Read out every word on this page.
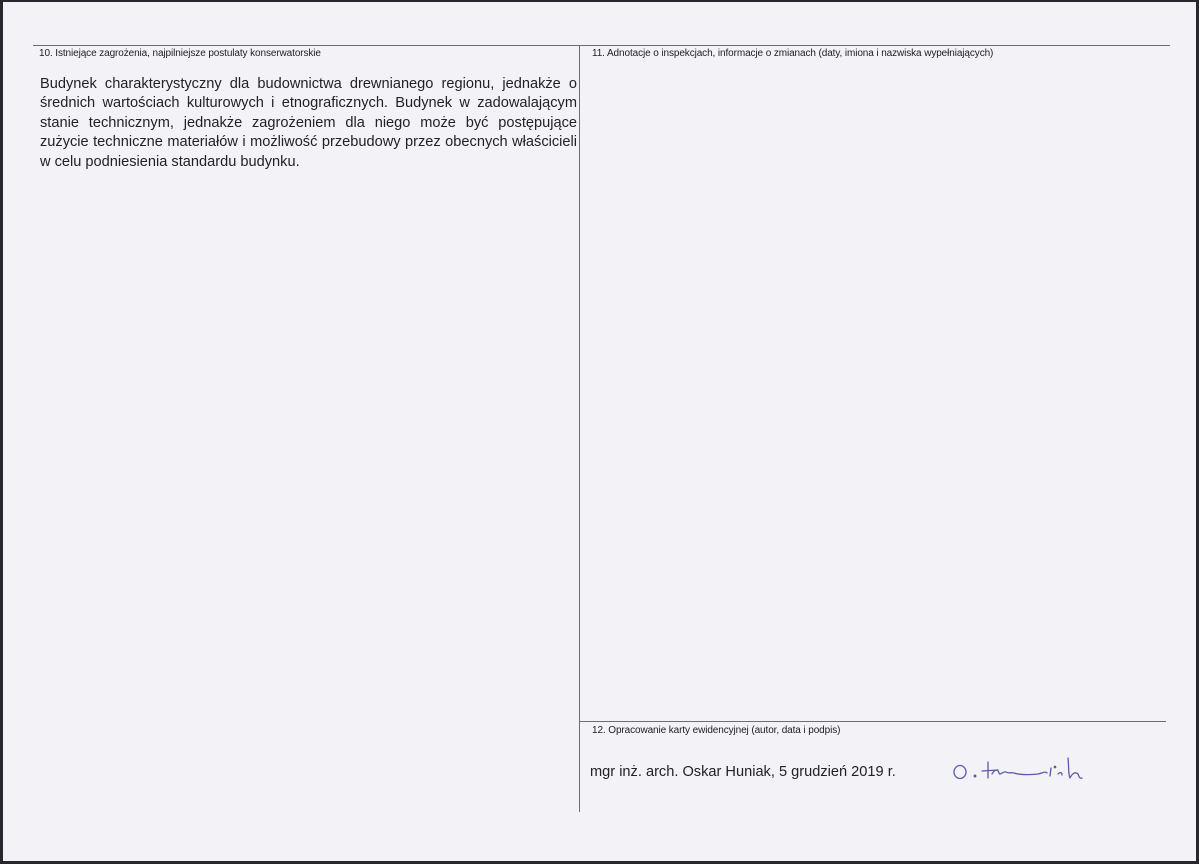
10. Istniejące zagrożenia, najpilniejsze postulaty konserwatorskie
Budynek charakterystyczny dla budownictwa drewnianego regionu, jednakże o średnich wartościach kulturowych i etnograficznych. Budynek w zadowalającym stanie technicznym, jednakże zagrożeniem dla niego może być postępujące zużycie techniczne materiałów i możliwość przebudowy przez obecnych właścicieli w celu podniesienia standardu budynku.
11. Adnotacje o inspekcjach, informacje o zmianach (daty, imiona i nazwiska wypełniających)
12. Opracowanie karty ewidencyjnej (autor, data i podpis)
mgr inż. arch. Oskar Huniak, 5 grudzień 2019 r.
